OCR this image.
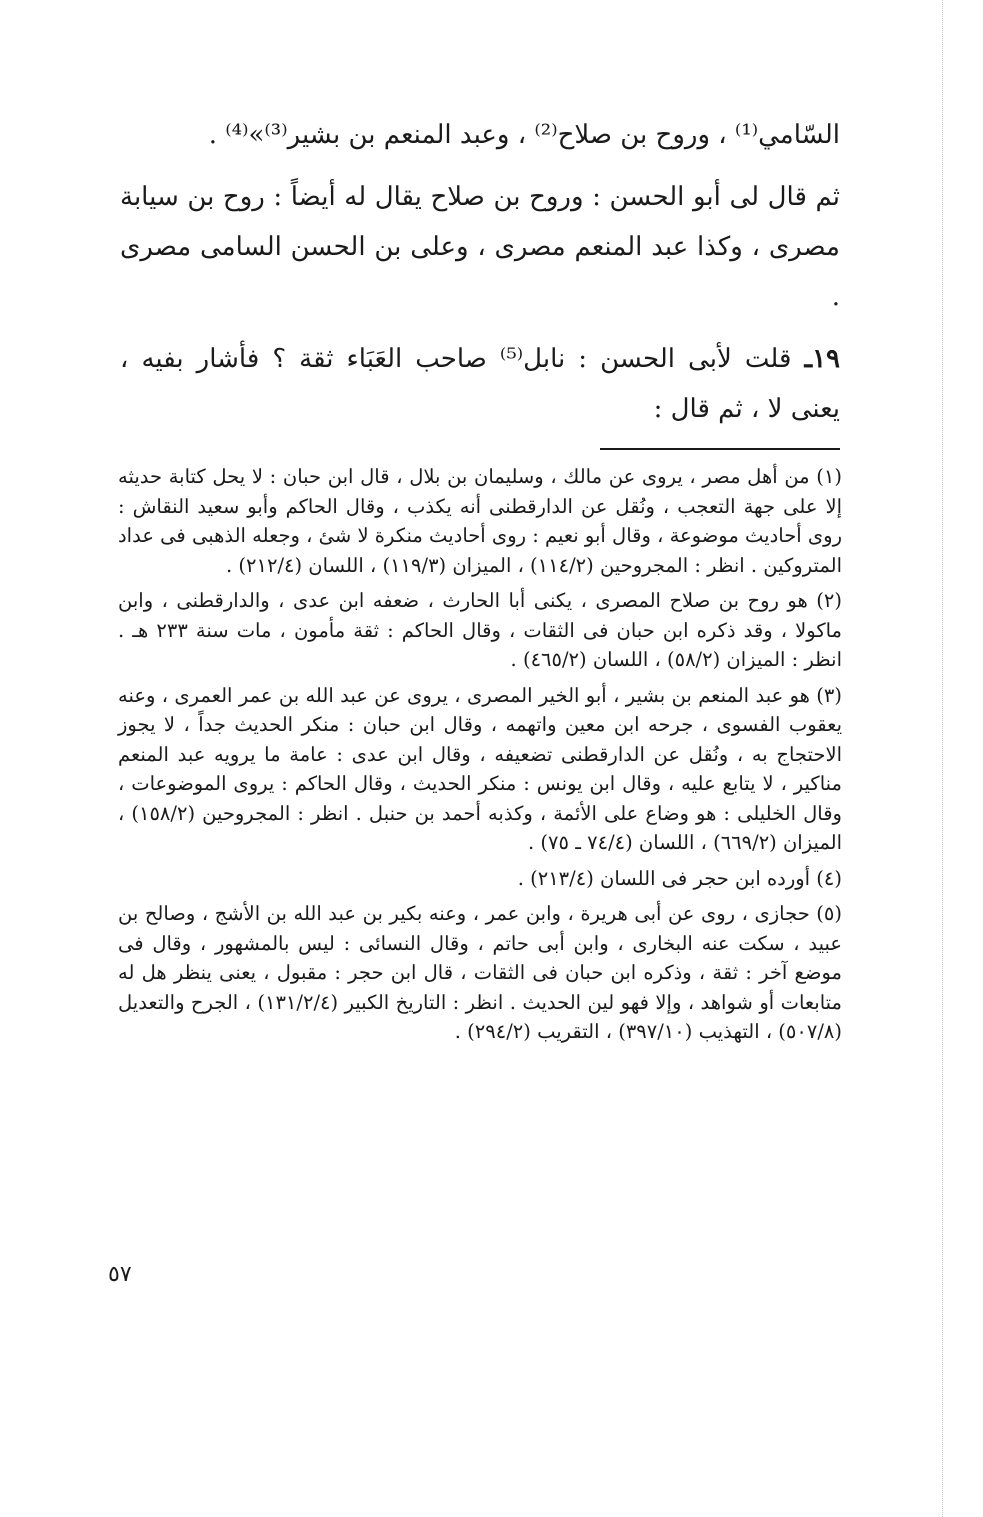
السّامي⁽¹⁾ ، وروح بن صلاح⁽²⁾ ، وعبد المنعم بن بشير⁽³⁾»⁽⁴⁾ .

ثم قال لى أبو الحسن : وروح بن صلاح يقال له أيضاً : روح بن سيابة مصرى ، وكذا عبد المنعم مصرى ، وعلى بن الحسن السامى مصرى .

١٩ـ قلت لأبى الحسن : نابل⁽⁵⁾ صاحب العَبَاء ثقة ؟ فأشار بفيه ، يعنى لا ، ثم قال :

(١) من أهل مصر ، يروى عن مالك ، وسليمان بن بلال ، قال ابن حبان : لا يحل كتابة حديثه إلا على جهة التعجب ، ونُقل عن الدارقطنى أنه يكذب ، وقال الحاكم وأبو سعيد النقاش : روى أحاديث موضوعة ، وقال أبو نعيم : روى أحاديث منكرة لا شئ ، وجعله الذهبى فى عداد المتروكين . انظر : المجروحين (١١٤/٢) ، الميزان (١١٩/٣) ، اللسان (٢١٢/٤) .

(٢) هو روح بن صلاح المصرى ، يكنى أبا الحارث ، ضعفه ابن عدى ، والدارقطنى ، وابن ماكولا ، وقد ذكره ابن حبان فى الثقات ، وقال الحاكم : ثقة مأمون ، مات سنة ٢٣٣ هـ . انظر : الميزان (٥٨/٢) ، اللسان (٤٦٥/٢) .

(٣) هو عبد المنعم بن بشير ، أبو الخير المصرى ، يروى عن عبد الله بن عمر العمرى ، وعنه يعقوب الفسوى ، جرحه ابن معين واتهمه ، وقال ابن حبان : منكر الحديث جداً ، لا يجوز الاحتجاج به ، ونُقل عن الدارقطنى تضعيفه ، وقال ابن عدى : عامة ما يرويه عبد المنعم مناكير ، لا يتابع عليه ، وقال ابن يونس : منكر الحديث ، وقال الحاكم : يروى الموضوعات ، وقال الخليلى : هو وضاع على الأئمة ، وكذبه أحمد بن حنبل . انظر : المجروحين (١٥٨/٢) ، الميزان (٦٦٩/٢) ، اللسان (٧٤/٤ ـ ٧٥) .

(٤) أورده ابن حجر فى اللسان (٢١٣/٤) .

(٥) حجازى ، روى عن أبى هريرة ، وابن عمر ، وعنه بكير بن عبد الله بن الأشج ، وصالح بن عبيد ، سكت عنه البخارى ، وابن أبى حاتم ، وقال النسائى : ليس بالمشهور ، وقال فى موضع آخر : ثقة ، وذكره ابن حبان فى الثقات ، قال ابن حجر : مقبول ، يعنى ينظر هل له متابعات أو شواهد ، وإلا فهو لين الحديث . انظر : التاريخ الكبير (١٣١/٢/٤) ، الجرح والتعديل (٥٠٧/٨) ، التهذيب (٣٩٧/١٠) ، التقريب (٢٩٤/٢) .

٥٧
